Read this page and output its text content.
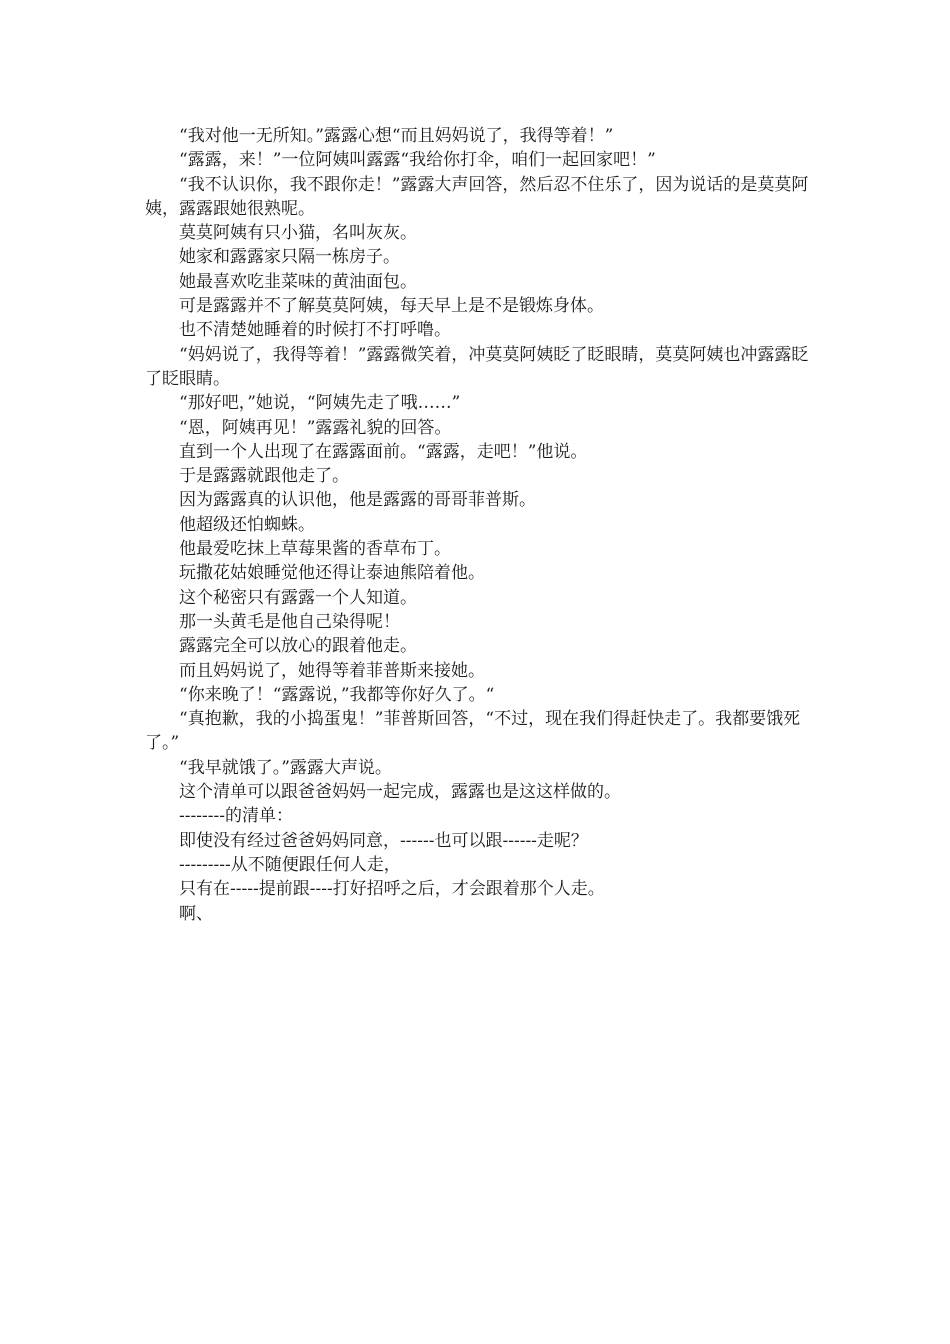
“我对他一无所知。”露露心想“而且妈妈说了，我得等着！”

“露露，来！”一位阿姨叫露露“我给你打伞，咱们一起回家吧！”

“我不认识你，我不跟你走！”露露大声回答，然后忍不住乐了，因为说话的是莫莫阿姨，露露跟她很熟呢。

莫莫阿姨有只小猫，名叫灰灰。

她家和露露家只隔一栋房子。

她最喜欢吃韭菜味的黄油面包。

可是露露并不了解莫莫阿姨，每天早上是不是锻炼身体。

也不清楚她睡着的时候打不打呼噜。

“妈妈说了，我得等着！”露露微笑着，冲莫莫阿姨眨了眨眼睛，莫莫阿姨也冲露露眨了眨眼睛。

“那好吧，”她说，“阿姨先走了哦……”

“恩，阿姨再见！”露露礼貌的回答。

直到一个人出现了在露露面前。“露露，走吧！”他说。

于是露露就跟他走了。

因为露露真的认识他，他是露露的哥哥菲普斯。

他超级还怕蜘蛛。

他最爱吃抹上草莓果酱的香草布丁。

玩撒花姑娘睡觉他还得让泰迪熊陪着他。

这个秘密只有露露一个人知道。

那一头黄毛是他自己染得呢！

露露完全可以放心的跟着他走。

而且妈妈说了，她得等着菲普斯来接她。

“你来晚了！“露露说，”我都等你好久了。“

“真抱歉，我的小捣蛋鬼！”菲普斯回答，“不过，现在我们得赶快走了。我都要饿死了。”

“我早就饿了。”露露大声说。

这个清单可以跟爸爸妈妈一起完成，露露也是这这样做的。

--------的清单：

即使没有经过爸爸妈妈同意，------也可以跟------走呢？

---------从不随便跟任何人走，

只有在-----提前跟----打好招呼之后，才会跟着那个人走。

啊、
